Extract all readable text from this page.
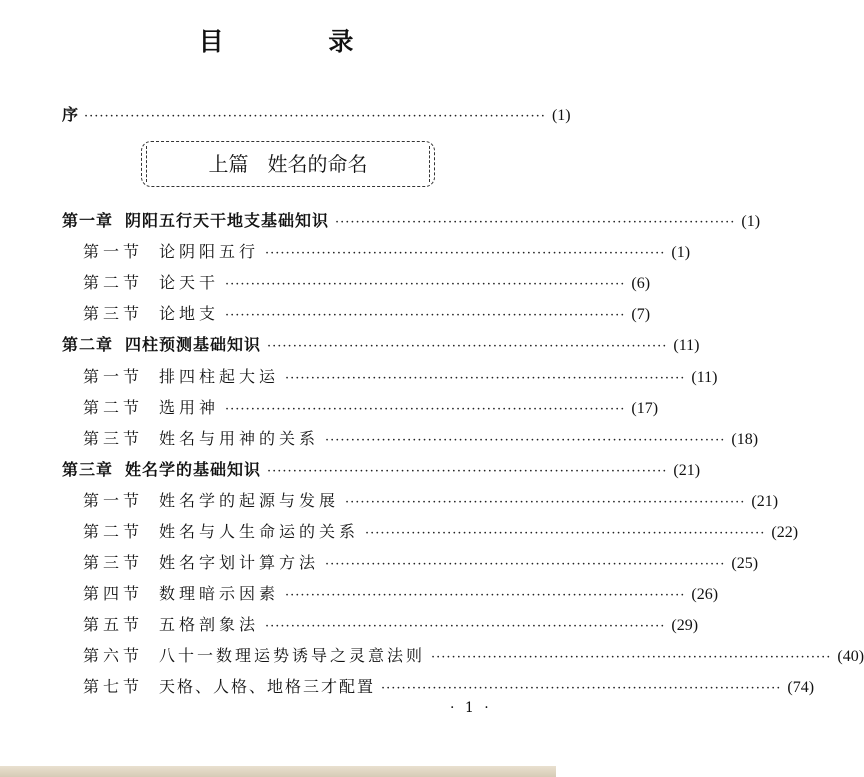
目 录
序 ·························································································· (1)
上篇   姓名的命名
第一章 阴阳五行天干地支基础知识 ·············································································· (1)
第一节 论阴阳五行 ·············································································· (1)
第二节 论天干 ·············································································· (6)
第三节 论地支 ·············································································· (7)
第二章 四柱预测基础知识 ·············································································· (11)
第一节 排四柱起大运 ·············································································· (11)
第二节 选用神 ·············································································· (17)
第三节 姓名与用神的关系 ·············································································· (18)
第三章 姓名学的基础知识 ·············································································· (21)
第一节 姓名学的起源与发展 ·············································································· (21)
第二节 姓名与人生命运的关系 ·············································································· (22)
第三节 姓名字划计算方法 ·············································································· (25)
第四节 数理暗示因素 ·············································································· (26)
第五节 五格剖象法 ·············································································· (29)
第六节 八十一数理运势诱导之灵意法则 ·············································································· (40)
第七节 天格、人格、地格三才配置 ·············································································· (74)
· 1 ·
